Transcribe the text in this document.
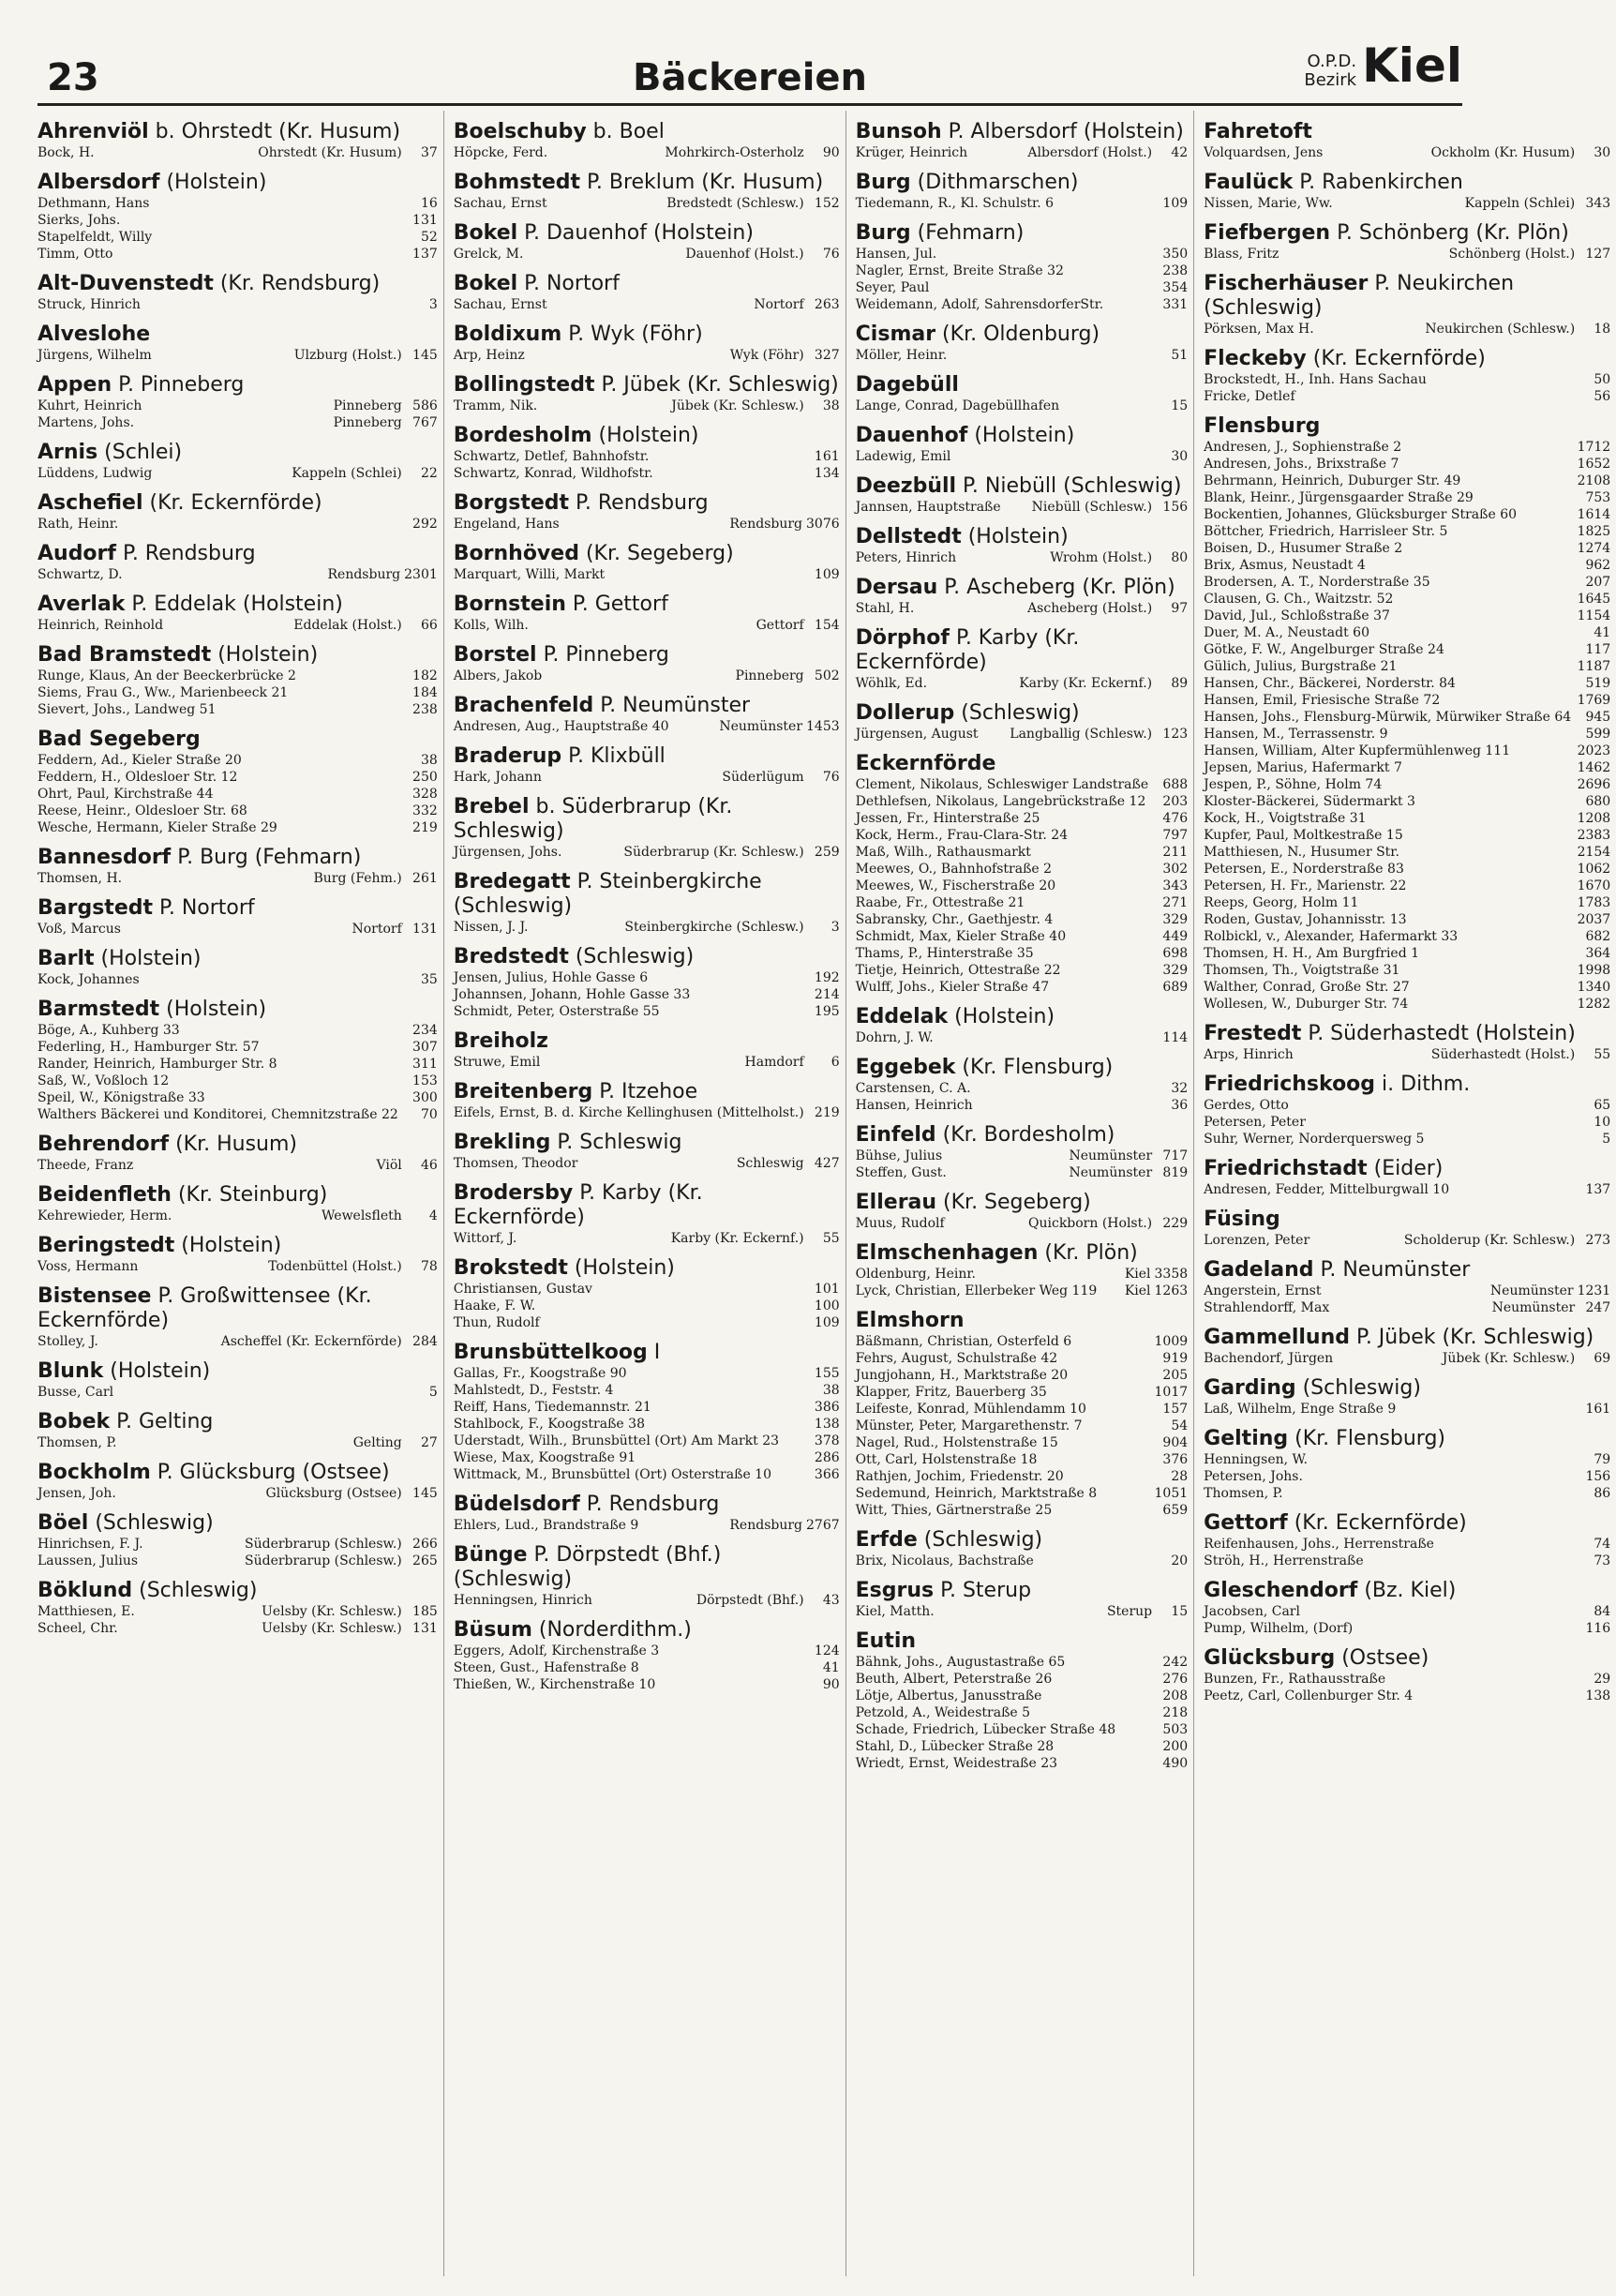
23	Bäckereien	O.P.D.
Bezirk Kiel
Ahrenviöl b. Ohrstedt (Kr. Husum)
Bock, H.	Ohrstedt (Kr. Husum)	37
Albersdorf (Holstein)
Dethmann, Hans	16
Sierks, Johs.	131
Stapelfeldt, Willy	52
Timm, Otto	137
Alt-Duvenstedt (Kr. Rendsburg)
Struck, Hinrich	3
Alveslohe
Jürgens, Wilhelm	Ulzburg (Holst.) 145
Appen P. Pinneberg
Kuhrt, Heinrich	Pinneberg 586
Martens, Johs.	Pinneberg 767
Arnis (Schlei)
Lüddens, Ludwig	Kappeln (Schlei)	22
Aschefiel (Kr. Eckernförde)
Rath, Heinr.	292
Audorf P. Rendsburg
Schwartz, D.	Rendsburg 2301
Averlak P. Eddelak (Holstein)
Heinrich, Reinhold	Eddelak (Holst.)	66
Bad Bramstedt (Holstein)
Runge, Klaus, An der Beeckerbrücke 2	182
Siems, Frau G., Ww., Marienbeeck 21	184
Sievert, Johs., Landweg 51	238
Bad Segeberg
Feddern, Ad., Kieler Straße 20	38
Feddern, H., Oldesloer Str. 12	250
Ohrt, Paul, Kirchstraße 44	328
Reese, Heinr., Oldesloer Str. 68	332
Wesche, Hermann, Kieler Straße 29	219
Bannesdorf P. Burg (Fehmarn)
Thomsen, H.	Burg (Fehm.) 261
Bargstedt P. Nortorf
Voß, Marcus	Nortorf 131
Barlt (Holstein)
Kock, Johannes	35
Barmstedt (Holstein)
Böge, A., Kuhberg 33	234
Federling, H., Hamburger Str. 57	307
Rander, Heinrich, Hamburger Str. 8	311
Saß, W., Voßloch 12	153
Speil, W., Königstraße 33	300
Walthers Bäckerei und Konditorei, Chemnitzstraße 22	70
Behrendorf (Kr. Husum)
Theede, Franz	Viöl	46
Beidenfleth (Kr. Steinburg)
Kehrewieder, Herm.	Wewelsfleth	4
Beringstedt (Holstein)
Voss, Hermann	Todenbüttel (Holst.)	78
Bistensee P. Großwittensee (Kr. Eckernförde)
Stolley, J.	Ascheffel (Kr. Eckernförde) 284
Blunk (Holstein)
Busse, Carl	5
Bobek P. Gelting
Thomsen, P.	Gelting	27
Bockholm P. Glücksburg (Ostsee)
Jensen, Joh.	Glücksburg (Ostsee) 145
Böel (Schleswig)
Hinrichsen, F. J.	Süderbrarup (Schlesw.) 266
Laussen, Julius	Süderbrarup (Schlesw.) 265
Böklund (Schleswig)
Matthiesen, E.	Uelsby (Kr. Schlesw.) 185
Scheel, Chr.	Uelsby (Kr. Schlesw.) 131
Boelschuby b. Boel
Höpcke, Ferd.	Mohrkirch-Osterholz	90
Bohmstedt P. Breklum (Kr. Husum)
Sachau, Ernst	Bredstedt (Schlesw.) 152
Bokel P. Dauenhof (Holstein)
Grelck, M.	Dauenhof (Holst.)	76
Bokel P. Nortorf
Sachau, Ernst	Nortorf 263
Boldixum P. Wyk (Föhr)
Arp, Heinz	Wyk (Föhr) 327
Bollingstedt P. Jübek (Kr. Schleswig)
Tramm, Nik.	Jübek (Kr. Schlesw.)	38
Bordesholm (Holstein)
Schwartz, Detlef, Bahnhofstr.	161
Schwartz, Konrad, Wildhofstr.	134
Borgstedt P. Rendsburg
Engeland, Hans	Rendsburg 3076
Bornhöved (Kr. Segeberg)
Marquart, Willi, Markt	109
Bornstein P. Gettorf
Kolls, Wilh.	Gettorf 154
Borstel P. Pinneberg
Albers, Jakob	Pinneberg 502
Brachenfeld P. Neumünster
Andresen, Aug., Hauptstraße 40	Neumünster 1453
Braderup P. Klixbüll
Hark, Johann	Süderlügum	76
Brebel b. Süderbrarup (Kr. Schleswig)
Jürgensen, Johs.	Süderbrarup (Kr. Schlesw.) 259
Bredegatt P. Steinbergkirche (Schleswig)
Nissen, J. J.	Steinbergkirche (Schlesw.)	3
Bredstedt (Schleswig)
Jensen, Julius, Hohle Gasse 6	192
Johannsen, Johann, Hohle Gasse 33	214
Schmidt, Peter, Osterstraße 55	195
Breiholz
Struwe, Emil	Hamdorf	6
Breitenberg P. Itzehoe
Eifels, Ernst, B. d. Kirche Kellinghusen (Mittelholst.) 219
Brekling P. Schleswig
Thomsen, Theodor	Schleswig 427
Brodersby P. Karby (Kr. Eckernförde)
Wittorf, J.	Karby (Kr. Eckernf.)	55
Brokstedt (Holstein)
Christiansen, Gustav	101
Haake, F. W.	100
Thun, Rudolf	109
Brunsbüttelkoog I
Gallas, Fr., Koogstraße 90	155
Mahlstedt, D., Feststr. 4	38
Reiff, Hans, Tiedemannstr. 21	386
Stahlbock, F., Koogstraße 38	138
Uderstadt, Wilh., Brunsbüttel (Ort) Am Markt 23	378
Wiese, Max, Koogstraße 91	286
Wittmack, M., Brunsbüttel (Ort) Osterstraße 10	366
Büdelsdorf P. Rendsburg
Ehlers, Lud., Brandstraße 9	Rendsburg 2767
Bünge P. Dörpstedt (Bhf.) (Schleswig)
Henningsen, Hinrich	Dörpstedt (Bhf.)	43
Büsum (Norderdithm.)
Eggers, Adolf, Kirchenstraße 3	124
Steen, Gust., Hafenstraße 8	41
Thießen, W., Kirchenstraße 10	90
Bunsoh P. Albersdorf (Holstein)
Krüger, Heinrich	Albersdorf (Holst.)	42
Burg (Dithmarschen)
Tiedemann, R., Kl. Schulstr. 6	109
Burg (Fehmarn)
Hansen, Jul.	350
Nagler, Ernst, Breite Straße 32	238
Seyer, Paul	354
Weidemann, Adolf, SahrensdorferStr.	331
Cismar (Kr. Oldenburg)
Möller, Heinr.	51
Dagebüll
Lange, Conrad, Dagebüllhafen	15
Dauenhof (Holstein)
Ladewig, Emil	30
Deezbüll P. Niebüll (Schleswig)
Jannsen, Hauptstraße	Niebüll (Schlesw.) 156
Dellstedt (Holstein)
Peters, Hinrich	Wrohm (Holst.)	80
Dersau P. Ascheberg (Kr. Plön)
Stahl, H.	Ascheberg (Holst.)	97
Dörphof P. Karby (Kr. Eckernförde)
Wöhlk, Ed.	Karby (Kr. Eckernf.)	89
Dollerup (Schleswig)
Jürgensen, August	Langballig (Schlesw.) 123
Eckernförde
Clement, Nikolaus, Schleswiger Landstraße	688
Dethlefsen, Nikolaus, Langebrückstraße 12	203
Jessen, Fr., Hinterstraße 25	476
Kock, Herm., Frau-Clara-Str. 24	797
Maß, Wilh., Rathausmarkt	211
Meewes, O., Bahnhofstraße 2	302
Meewes, W., Fischerstraße 20	343
Raabe, Fr., Ottestraße 21	271
Sabransky, Chr., Gaethjestr. 4	329
Schmidt, Max, Kieler Straße 40	449
Thams, P., Hinterstraße 35	698
Tietje, Heinrich, Ottestraße 22	329
Wulff, Johs., Kieler Straße 47	689
Eddelak (Holstein)
Dohrn, J. W.	114
Eggebek (Kr. Flensburg)
Carstensen, C. A.	32
Hansen, Heinrich	36
Einfeld (Kr. Bordesholm)
Bühse, Julius	Neumünster 717
Steffen, Gust.	Neumünster 819
Ellerau (Kr. Segeberg)
Muus, Rudolf	Quickborn (Holst.) 229
Elmschenhagen (Kr. Plön)
Oldenburg, Heinr.	Kiel 3358
Lyck, Christian, Ellerbeker Weg 119	Kiel 1263
Elmshorn
Bäßmann, Christian, Osterfeld 6	1009
Fehrs, August, Schulstraße 42	919
Jungjohann, H., Marktstraße 20	205
Klapper, Fritz, Bauerberg 35	1017
Leifeste, Konrad, Mühlendamm 10	157
Münster, Peter, Margarethenstr. 7	54
Nagel, Rud., Holstenstraße 15	904
Ott, Carl, Holstenstraße 18	376
Rathjen, Jochim, Friedenstr. 20	28
Sedemund, Heinrich, Marktstraße 8	1051
Witt, Thies, Gärtnerstraße 25	659
Erfde (Schleswig)
Brix, Nicolaus, Bachstraße	20
Esgrus P. Sterup
Kiel, Matth.	Sterup	15
Eutin
Bähnk, Johs., Augustastraße 65	242
Beuth, Albert, Peterstraße 26	276
Lötje, Albertus, Janusstraße	208
Petzold, A., Weidestraße 5	218
Schade, Friedrich, Lübecker Straße 48	503
Stahl, D., Lübecker Straße 28	200
Wriedt, Ernst, Weidestraße 23	490
Fahretoft
Volquardsen, Jens	Ockholm (Kr. Husum)	30
Faulück P. Rabenkirchen
Nissen, Marie, Ww.	Kappeln (Schlei) 343
Fiefbergen P. Schönberg (Kr. Plön)
Blass, Fritz	Schönberg (Holst.) 127
Fischerhäuser P. Neukirchen (Schleswig)
Pörksen, Max H.	Neukirchen (Schlesw.)	18
Fleckeby (Kr. Eckernförde)
Brockstedt, H., Inh. Hans Sachau	50
Fricke, Detlef	56
Flensburg
Andresen, J., Sophienstraße 2	1712
Andresen, Johs., Brixstraße 7	1652
Behrmann, Heinrich, Duburger Str. 49	2108
Blank, Heinr., Jürgensgaarder Straße 29	753
Bockentien, Johannes, Glücksburger Straße 60	1614
Böttcher, Friedrich, Harrisleer Str. 5	1825
Boisen, D., Husumer Straße 2	1274
Brix, Asmus, Neustadt 4	962
Brodersen, A. T., Norderstraße 35	207
Clausen, G. Ch., Waitzstr. 52	1645
David, Jul., Schloßstraße 37	1154
Duer, M. A., Neustadt 60	41
Götke, F. W., Angelburger Straße 24	117
Gülich, Julius, Burgstraße 21	1187
Hansen, Chr., Bäckerei, Norderstr. 84	519
Hansen, Emil, Friesische Straße 72	1769
Hansen, Johs., Flensburg-Mürwik, Mürwiker Straße 64	945
Hansen, M., Terrassenstr. 9	599
Hansen, William, Alter Kupfermühlenweg 111	2023
Jepsen, Marius, Hafermarkt 7	1462
Jespen, P., Söhne, Holm 74	2696
Kloster-Bäckerei, Südermarkt 3	680
Kock, H., Voigtstraße 31	1208
Kupfer, Paul, Moltkestraße 15	2383
Matthiesen, N., Husumer Str.	2154
Petersen, E., Norderstraße 83	1062
Petersen, H. Fr., Marienstr. 22	1670
Reeps, Georg, Holm 11	1783
Roden, Gustav, Johannisstr. 13	2037
Rolbickl, v., Alexander, Hafermarkt 33	682
Thomsen, H. H., Am Burgfried 1	364
Thomsen, Th., Voigtstraße 31	1998
Walther, Conrad, Große Str. 27	1340
Wollesen, W., Duburger Str. 74	1282
Frestedt P. Süderhastedt (Holstein)
Arps, Hinrich	Süderhastedt (Holst.)	55
Friedrichskoog i. Dithm.
Gerdes, Otto	65
Petersen, Peter	10
Suhr, Werner, Norderquersweg 5	5
Friedrichstadt (Eider)
Andresen, Fedder, Mittelburgwall 10	137
Füsing
Lorenzen, Peter	Scholderup (Kr. Schlesw.) 273
Gadeland P. Neumünster
Angerstein, Ernst	Neumünster 1231
Strahlendorff, Max	Neumünster 247
Gammellund P. Jübek (Kr. Schleswig)
Bachendorf, Jürgen	Jübek (Kr. Schlesw.)	69
Garding (Schleswig)
Laß, Wilhelm, Enge Straße 9	161
Gelting (Kr. Flensburg)
Henningsen, W.	79
Petersen, Johs.	156
Thomsen, P.	86
Gettorf (Kr. Eckernförde)
Reifenhausen, Johs., Herrenstraße	74
Ströh, H., Herrenstraße	73
Gleschendorf (Bz. Kiel)
Jacobsen, Carl	84
Pump, Wilhelm, (Dorf)	116
Glücksburg (Ostsee)
Bunzen, Fr., Rathausstraße	29
Peetz, Carl, Collenburger Str. 4	138
